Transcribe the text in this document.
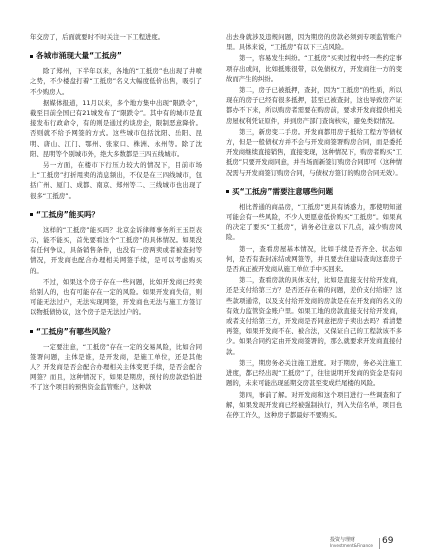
年交房了，后面就要时不时关注一下工程进度。

各城市涌现大量“工抵房”

除了郑州，下半年以来，各地的“工抵房”也出现了井喷之势，不少楼盘打着“工抵房”名义大幅度低价出售，吸引了不少购房人。

据媒体报道，11月以来，多个地方集中出现“限跌令”，截至目前全国已有21城发布了“限跌令”。其中有的城市是直接发布行政命令，有的则是通过约谈房企，限制恶意降价。否则就不给予网签的方式。这些城市包括沈阳、岳阳、昆明、唐山、江门、鄂州、张家口、株洲、永州等。除了沈阳、昆明等个别城市外，绝大多数都是三四五线城市。

另一方面，在楼市下行压力较大的情况下，目前市场上“工抵房”打折甩卖的消息频出，不仅是在三四线城市，包括广州、厦门、成都、南京、郑州等二、三线城市也出现了很多“工抵房”。

“工抵房”能买吗？

这样的“工抵房”能买吗？北京金诉律师事务所王玉臣表示，能不能买，首先要看这个“工抵房”的具体情况。如果没有任何争议，具备销售条件，也没有一房两卖或者被查封等情况，开发商也配合办理相关网签手续，是可以考虑购买的。

不过，如果这个房子存在一些问题，比如开发商已经卖给别人的，也有可能存在一定的风险。如果开发商失信，则可能无法过户，无法实现网签，开发商也无法与施工方签订以物抵债协议，这个房子是无法过户的。

“工抵房”有哪些风险？

一定要注意，“工抵房”存在一定的交易风险，比如合同签署问题，主体是谁，是开发商，是施工单位，还是其他人？开发商是否会配合办理相关主体变更手续，是否会配合网签？而且，这种情况下，如果是期房，预付的房款恐怕进不了这个项目的预售资金监管账户，这种款

出去身就涉及违规问题，因为期房的房款必须到专项监管账户里。具体来说，“工抵房”有以下三点风险。

第一，容易发生纠纷。“工抵房”买卖过程中经一些约定事项存出或问，比如抵账很带，以免债权方，开发商往一方的变故而产生的纠纷。

第二，房子已被抵押，查封，因为“工抵房”的性质，所以现在的房子已经有很多抵押，甚至已被查封，这也导致房产证都办不下来，所以购房者需要在购房前，要求开发商提供相关房屋权利凭证原件，并到房产部门查询核实，避免类似情况。

第三，新房变二手房。开发商都用房子抵给工程方等债权方，但是一般债权方并不会与开发商签署购房合同，而是委托开发商继续直接销售，直接变现，这种情况下，购房者购买“工抵房”只要开发商同意，并当场面新签订购房合同即可（这种情况需与开发商签订购房合同，与债权方签订的购房合同无效）。

买“工抵房”需要注意哪些问题

相比普通的商品房，“工抵房”更具有诱惑力，那使明知道可能会有一些风险，不少人更愿意低价购买“工抵房”。如果真的决定了要买“工抵房”，请务必注意以下几点，减少购房风险。

第一，查看房屋基本情况，比如手续是否齐全、状态如何，是否有查封冻结或网签等，并且要去住建局查询这套房子是否真正被开发商从施工单位手中买回来。

第二，查看房款的具体支付，比如是直接支付给开发商，还是支付给第三方？是否还存在着的问题，差价支付给谁？这些款项通常，以及支付给开发商的房款是在在开发商的名义的有效力监管资金账户里。如果工地的房款直接支付给开发商，或者支付给第三方，开发商是否同意把房子卖出去吗？看清楚再签，如果开发商不在、被合法，又保证自己的工程款该不多少。如果合同约定由开发商签署的，那么就要求开发商直接付款。

第三，期房务必关注施工进度。对于期房，务必关注施工进度，都已经出现“工抵房”了，往往说明开发商的资金是有问题的，未来可能出现延期交房甚至变成烂尾楼的风险。

第四，事前了解。对开发商和这个项目进行一些调查和了解，如果发现开发商已经被强制执行，列入失信名单，项目也在停工许久，这种房子都最好不要购买。

投资与理财
Investment&Finance 69
